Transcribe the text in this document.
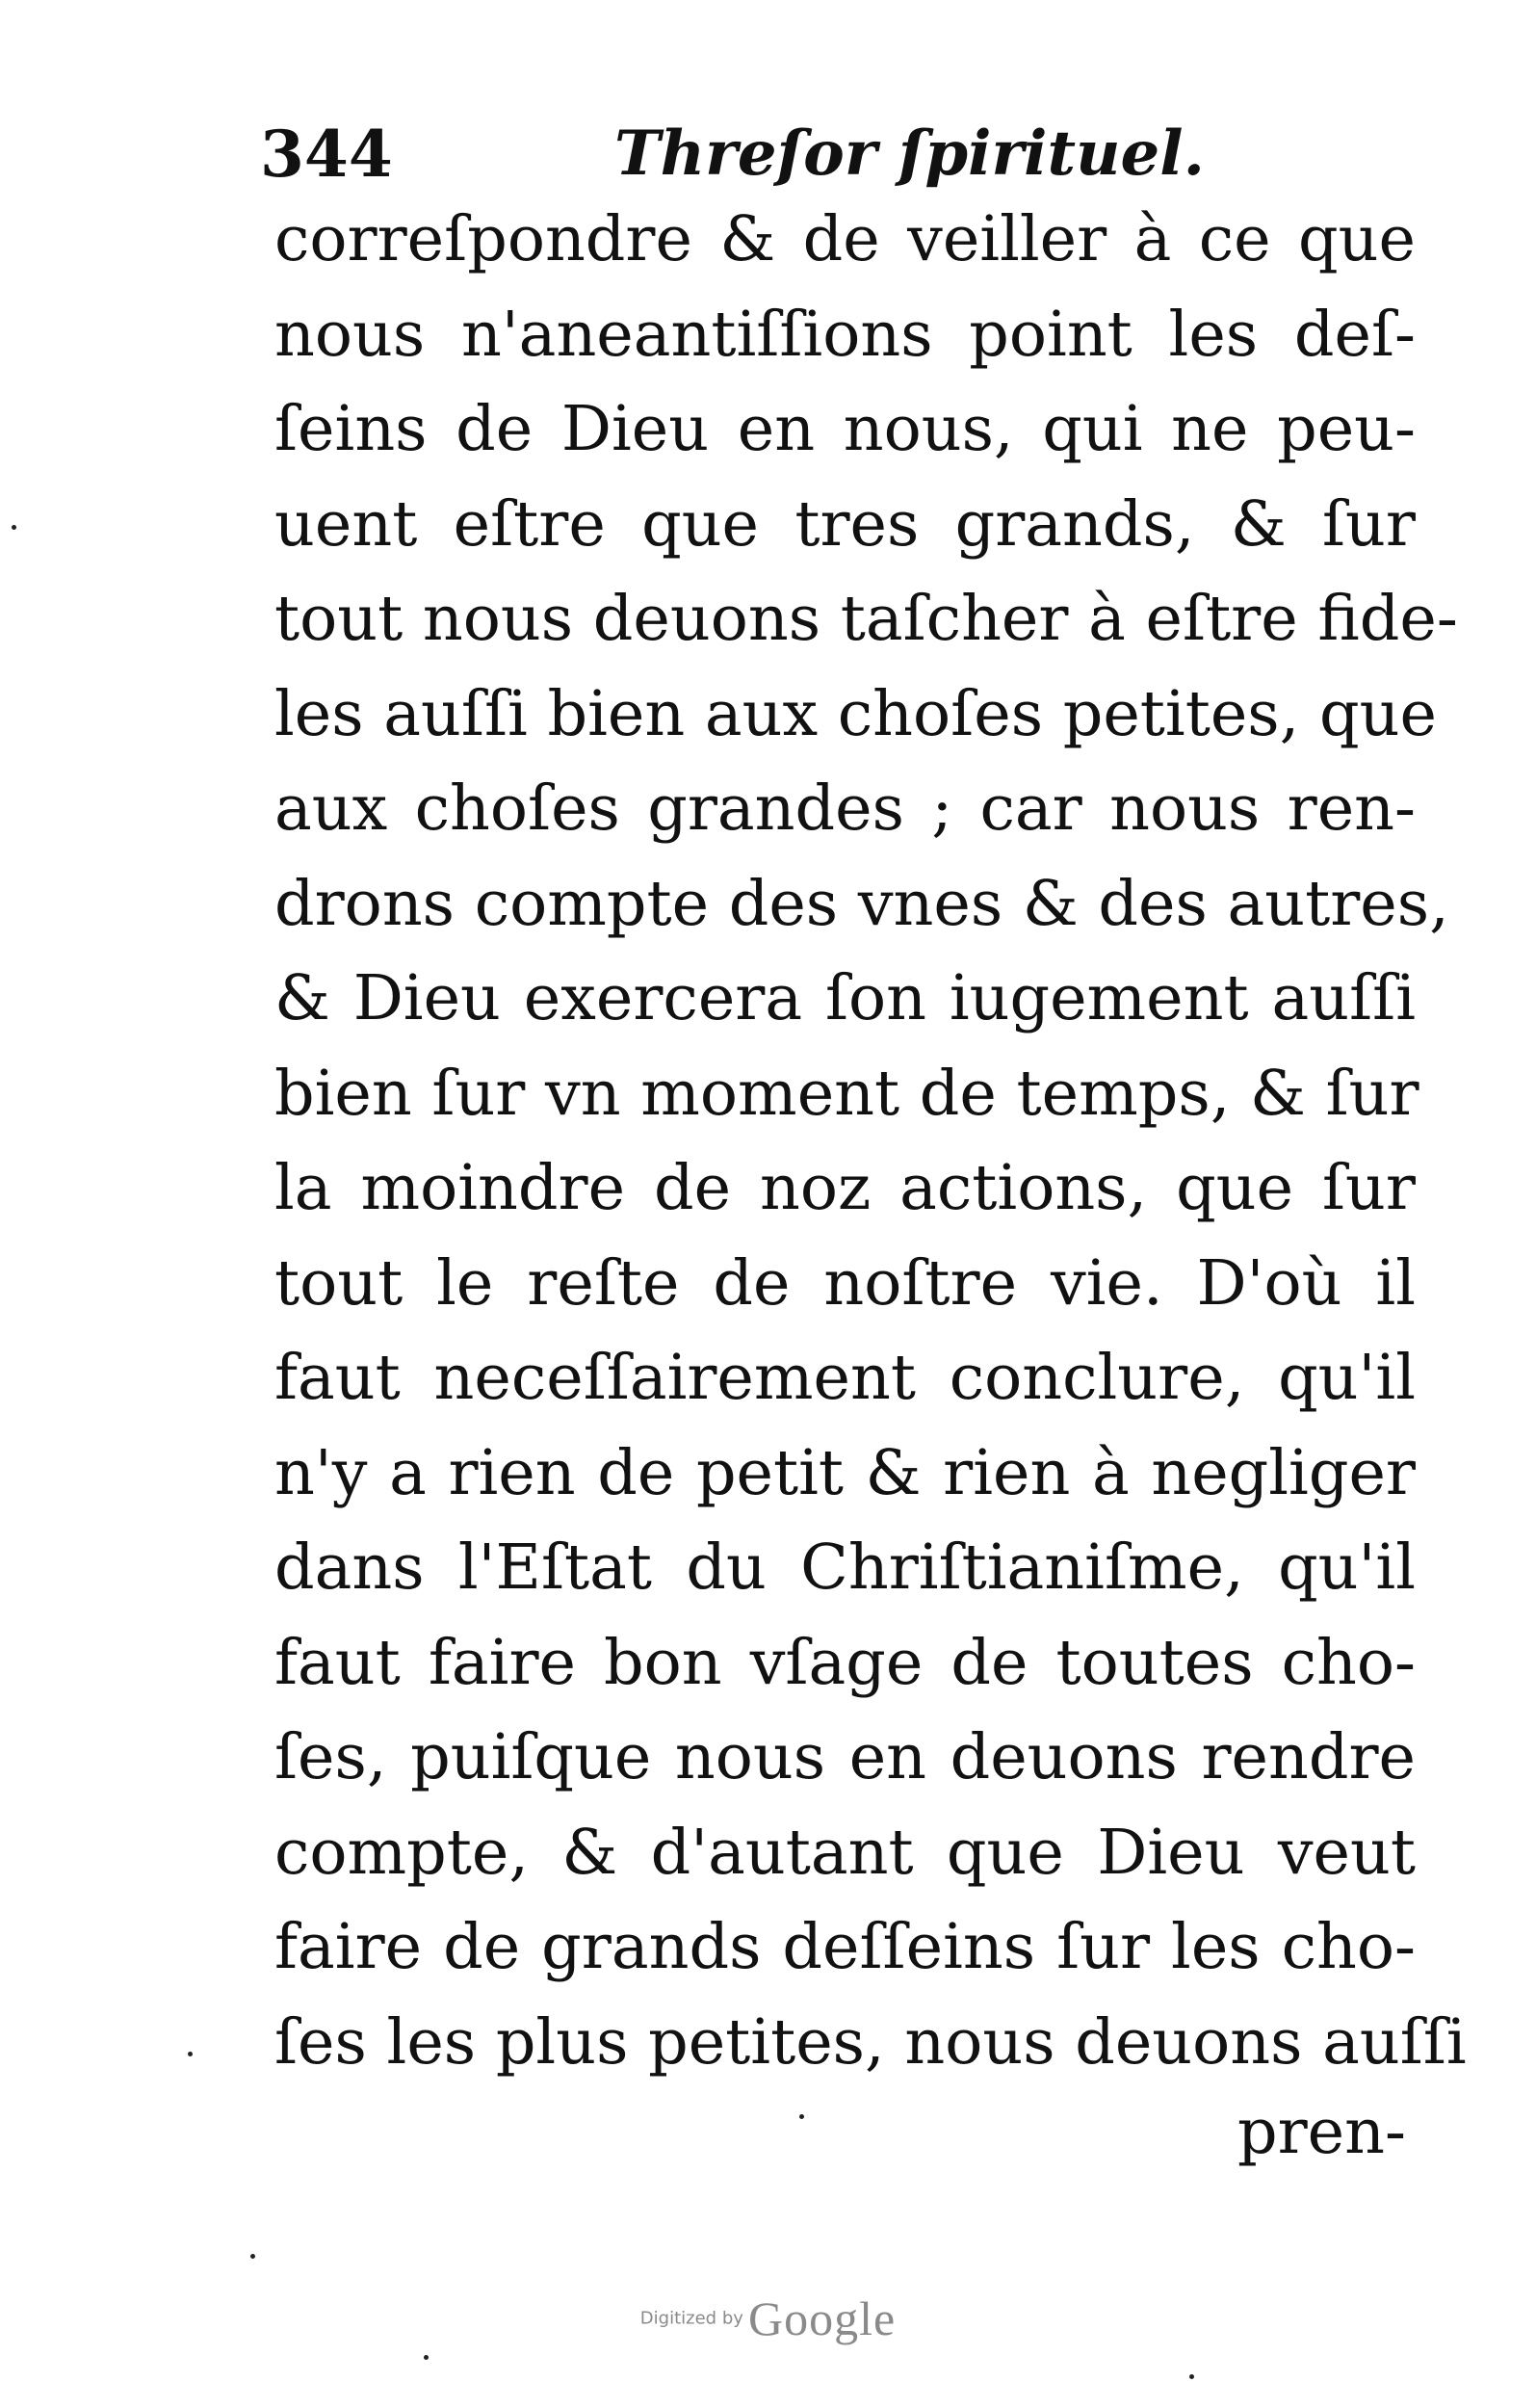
344	Threſor ſpirituel.
correſpondre & de veiller à ce que
nous n'aneantiſſions point les deſ-
ſeins de Dieu en nous, qui ne peu-
uent eſtre que tres grands, & ſur
tout nous deuons taſcher à eſtre fide-
les auſſi bien aux choſes petites, que
aux choſes grandes ; car nous ren-
drons compte des vnes & des autres,
& Dieu exercera ſon iugement auſſi
bien ſur vn moment de temps, & ſur
la moindre de noz actions, que ſur
tout le reſte de noſtre vie. D'où il
faut neceſſairement conclure, qu'il
n'y a rien de petit & rien à negliger
dans l'Eſtat du Chriſtianiſme, qu'il
faut faire bon vſage de toutes cho-
ſes, puiſque nous en deuons rendre
compte, & d'autant que Dieu veut
faire de grands deſſeins ſur les cho-
ſes les plus petites, nous deuons auſſi
pren-
Digitized by Google
